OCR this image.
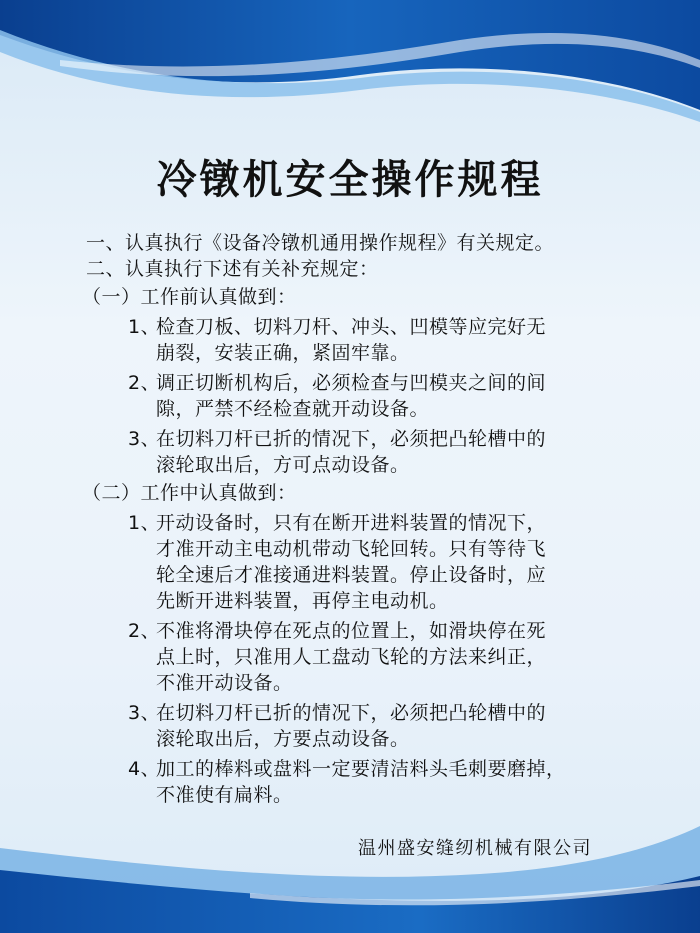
冷镦机安全操作规程
一、认真执行《设备冷镦机通用操作规程》有关规定。
二、认真执行下述有关补充规定：
（一）工作前认真做到：
1、
检查刀板、切料刀杆、冲头、凹模等应完好无
崩裂，安装正确，紧固牢靠。
2、
调正切断机构后，必须检查与凹模夹之间的间
隙，严禁不经检查就开动设备。
3、
在切料刀杆已折的情况下，必须把凸轮槽中的
滚轮取出后，方可点动设备。
（二）工作中认真做到：
1、
开动设备时，只有在断开进料装置的情况下，
才准开动主电动机带动飞轮回转。只有等待飞
轮全速后才准接通进料装置。停止设备时，应
先断开进料装置，再停主电动机。
2、
不准将滑块停在死点的位置上，如滑块停在死
点上时，只准用人工盘动飞轮的方法来纠正，
不准开动设备。
3、
在切料刀杆已折的情况下，必须把凸轮槽中的
滚轮取出后，方要点动设备。
4、
加工的棒料或盘料一定要清洁料头毛刺要磨掉，
不准使有扁料。
温州盛安缝纫机械有限公司
